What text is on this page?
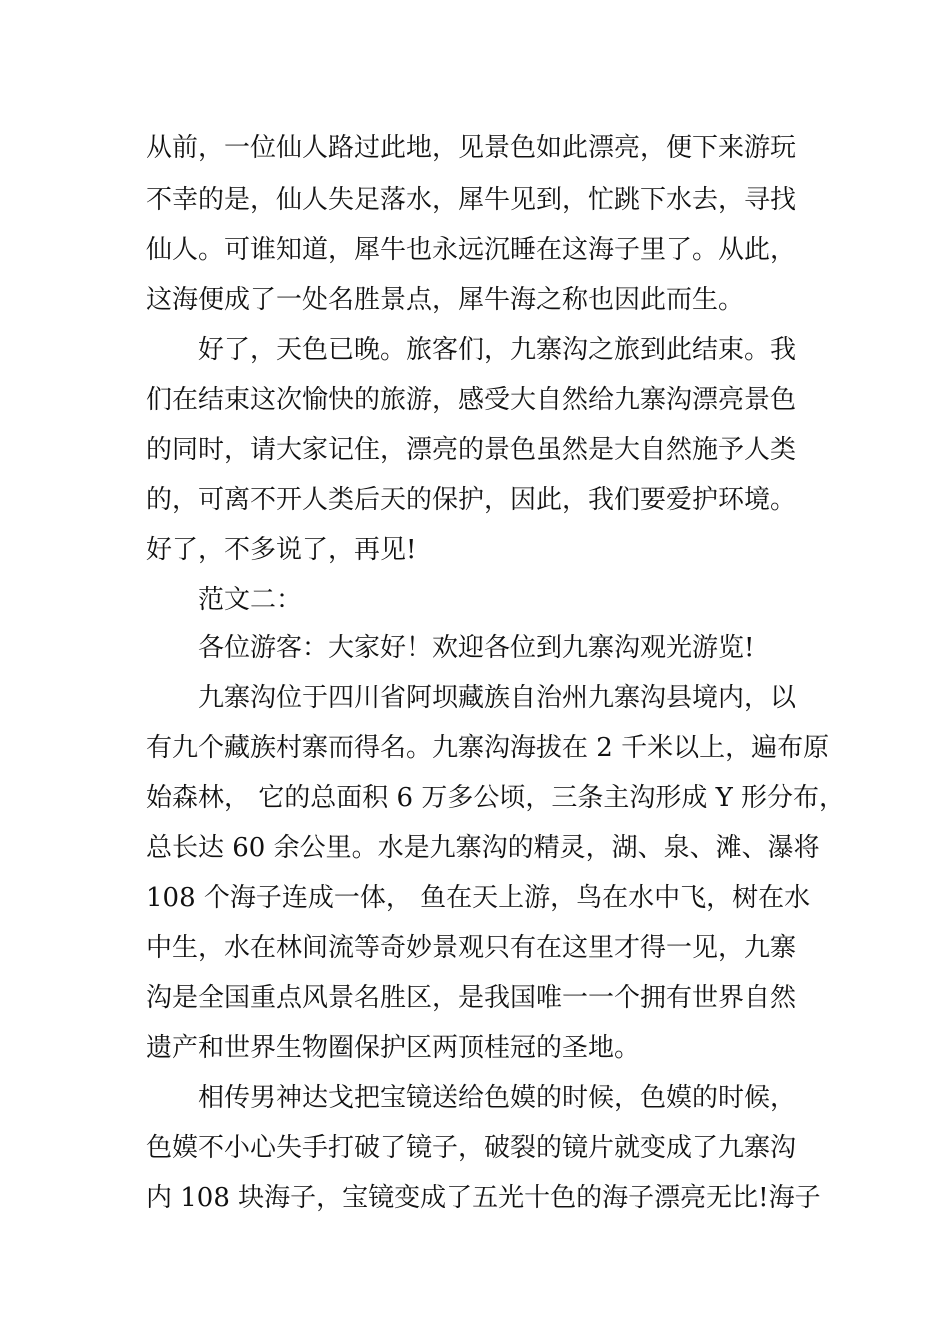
从前，一位仙人路过此地，见景色如此漂亮，便下来游玩
不幸的是，仙人失足落水，犀牛见到，忙跳下水去，寻找
仙人。可谁知道，犀牛也永远沉睡在这海子里了。从此，
这海便成了一处名胜景点，犀牛海之称也因此而生。
好了，天色已晚。旅客们，九寨沟之旅到此结束。我
们在结束这次愉快的旅游，感受大自然给九寨沟漂亮景色
的同时，请大家记住，漂亮的景色虽然是大自然施予人类
的，可离不开人类后天的保护，因此，我们要爱护环境。
好了，不多说了，再见!
范文二：
各位游客：大家好！欢迎各位到九寨沟观光游览!
九寨沟位于四川省阿坝藏族自治州九寨沟县境内，以
有九个藏族村寨而得名。九寨沟海拔在 2 千米以上，遍布原
始森林， 它的总面积 6 万多公顷，三条主沟形成 Y 形分布，
总长达 60 余公里。水是九寨沟的精灵，湖、泉、滩、瀑将
108 个海子连成一体， 鱼在天上游，鸟在水中飞，树在水
中生，水在林间流等奇妙景观只有在这里才得一见，九寨
沟是全国重点风景名胜区，是我国唯一一个拥有世界自然
遗产和世界生物圈保护区两顶桂冠的圣地。
相传男神达戈把宝镜送给色嫫的时候，色嫫的时候，
色嫫不小心失手打破了镜子，破裂的镜片就变成了九寨沟
内 108 块海子，宝镜变成了五光十色的海子漂亮无比!海子
